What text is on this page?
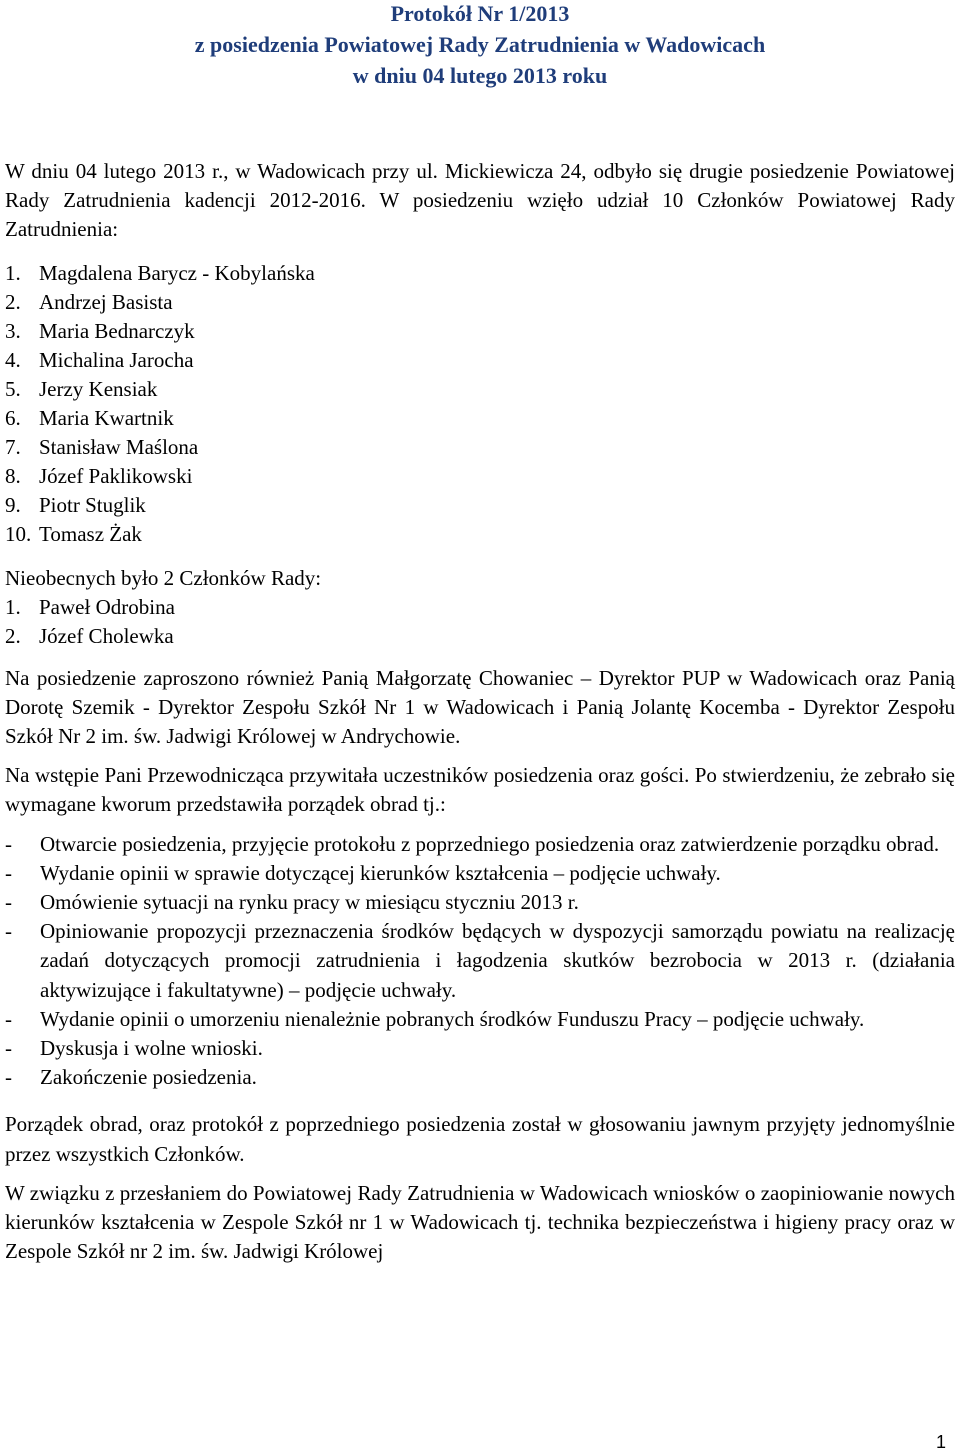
Protokół Nr 1/2013
z posiedzenia Powiatowej Rady Zatrudnienia w Wadowicach
w dniu 04 lutego 2013 roku

W dniu 04 lutego 2013 r., w Wadowicach przy ul. Mickiewicza 24, odbyło się drugie posiedzenie Powiatowej Rady Zatrudnienia kadencji 2012-2016. W posiedzeniu wzięło udział 10 Członków Powiatowej Rady Zatrudnienia:

1. Magdalena Barycz - Kobylańska
2. Andrzej Basista
3. Maria Bednarczyk
4. Michalina Jarocha
5. Jerzy Kensiak
6. Maria Kwartnik
7. Stanisław Maślona
8. Józef Paklikowski
9. Piotr Stuglik
10. Tomasz Żak

Nieobecnych było 2 Członków Rady:

1. Paweł Odrobina
2. Józef Cholewka

Na posiedzenie zaproszono również Panią Małgorzatę Chowaniec – Dyrektor PUP w Wadowicach oraz Panią Dorotę Szemik - Dyrektor Zespołu Szkół Nr 1 w Wadowicach i Panią Jolantę Kocemba - Dyrektor Zespołu Szkół Nr 2 im. św. Jadwigi Królowej w Andrychowie.

Na wstępie Pani Przewodnicząca przywitała uczestników posiedzenia oraz gości. Po stwierdzeniu, że zebrało się wymagane kworum przedstawiła porządek obrad tj.:

-	Otwarcie posiedzenia, przyjęcie protokołu z poprzedniego posiedzenia oraz zatwierdzenie porządku obrad.
-	Wydanie opinii w sprawie dotyczącej kierunków kształcenia – podjęcie uchwały.
-	Omówienie sytuacji na rynku pracy w miesiącu styczniu 2013 r.
-	Opiniowanie propozycji przeznaczenia środków będących w dyspozycji samorządu powiatu na realizację zadań dotyczących promocji zatrudnienia i łagodzenia skutków bezrobocia w 2013 r. (działania aktywizujące i fakultatywne) – podjęcie uchwały.
-	Wydanie opinii o umorzeniu nienależnie pobranych środków Funduszu Pracy – podjęcie uchwały.
-	Dyskusja i wolne wnioski.
-	Zakończenie posiedzenia.

Porządek obrad, oraz protokół z poprzedniego posiedzenia został w głosowaniu jawnym przyjęty jednomyślnie przez wszystkich Członków.

W związku z przesłaniem do Powiatowej Rady Zatrudnienia w Wadowicach wniosków o zaopiniowanie nowych kierunków kształcenia w Zespole Szkół nr 1 w Wadowicach tj. technika bezpieczeństwa i higieny pracy oraz w Zespole Szkół nr 2 im. św. Jadwigi Królowej

1
